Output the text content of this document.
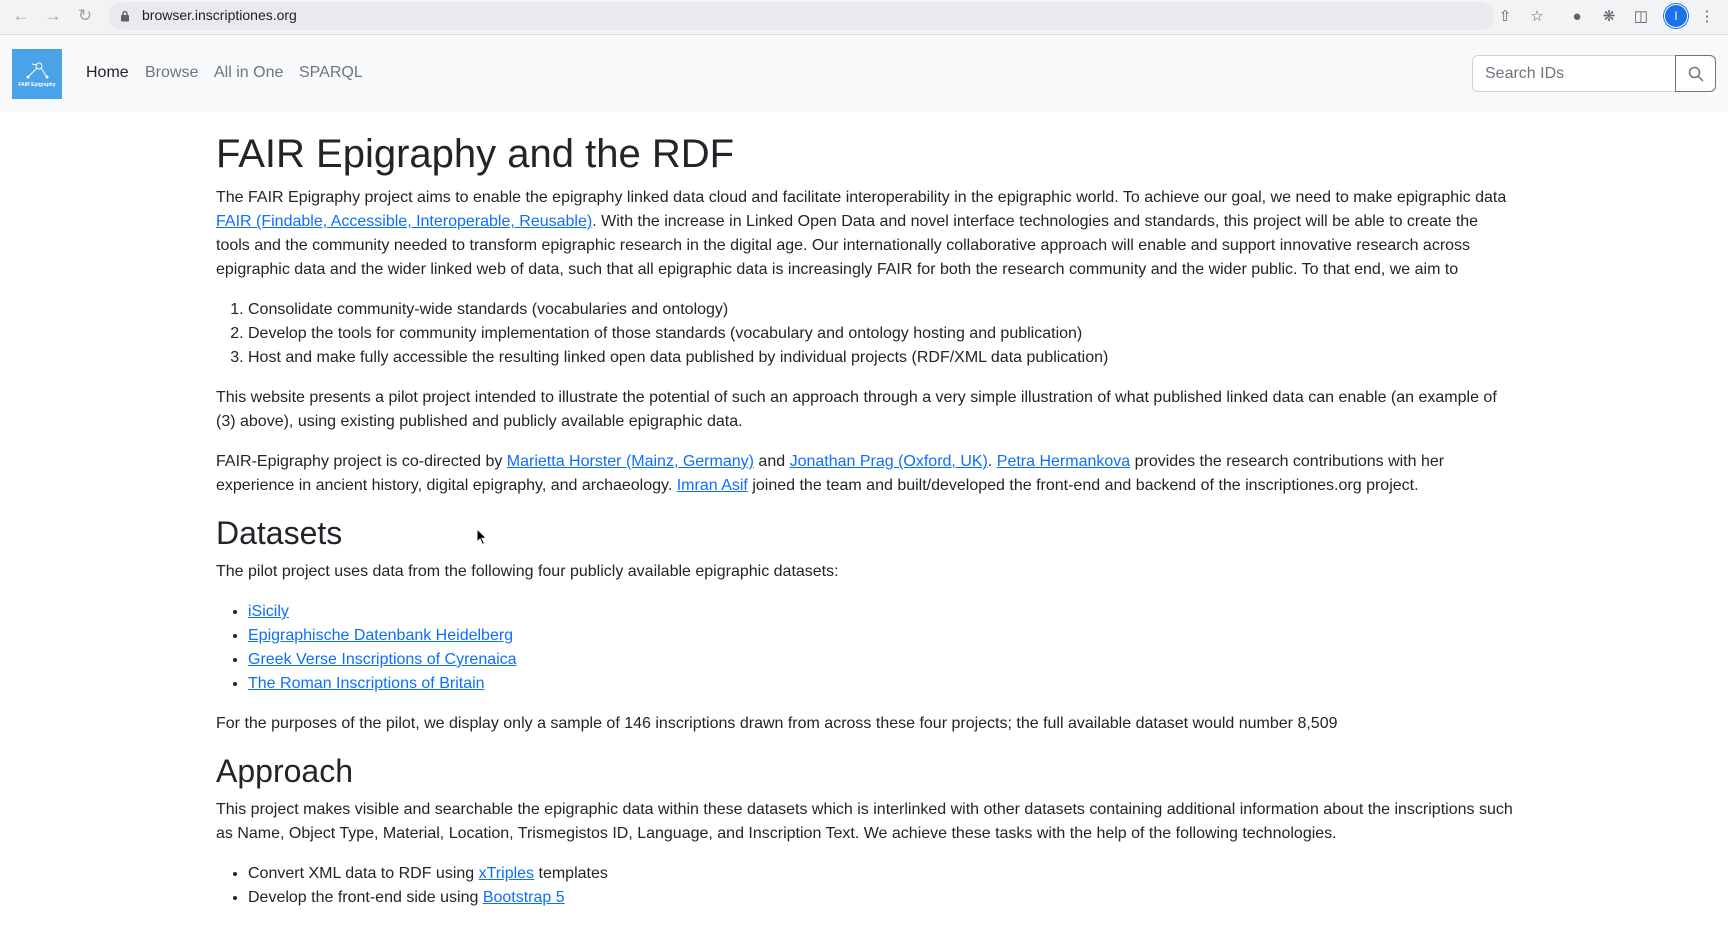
← → ↻	browser.inscriptiones.org	⇧	☆	●	❋	◫	I	⋮
FAIR Epigraphy
Home Browse All in One SPARQL
Search IDs
FAIR Epigraphy and the RDF

The FAIR Epigraphy project aims to enable the epigraphy linked data cloud and facilitate interoperability in the epigraphic world. To achieve our goal, we need to make epigraphic data FAIR (Findable, Accessible, Interoperable, Reusable). With the increase in Linked Open Data and novel interface technologies and standards, this project will be able to create the tools and the community needed to transform epigraphic research in the digital age. Our internationally collaborative approach will enable and support innovative research across epigraphic data and the wider linked web of data, such that all epigraphic data is increasingly FAIR for both the research community and the wider public. To that end, we aim to

1. Consolidate community-wide standards (vocabularies and ontology)
2. Develop the tools for community implementation of those standards (vocabulary and ontology hosting and publication)
3. Host and make fully accessible the resulting linked open data published by individual projects (RDF/XML data publication)

This website presents a pilot project intended to illustrate the potential of such an approach through a very simple illustration of what published linked data can enable (an example of (3) above), using existing published and publicly available epigraphic data.

FAIR-Epigraphy project is co-directed by Marietta Horster (Mainz, Germany) and Jonathan Prag (Oxford, UK). Petra Hermankova provides the research contributions with her experience in ancient history, digital epigraphy, and archaeology. Imran Asif joined the team and built/developed the front-end and backend of the inscriptiones.org project.

Datasets

The pilot project uses data from the following four publicly available epigraphic datasets:

• iSicily
• Epigraphische Datenbank Heidelberg
• Greek Verse Inscriptions of Cyrenaica
• The Roman Inscriptions of Britain

For the purposes of the pilot, we display only a sample of 146 inscriptions drawn from across these four projects; the full available dataset would number 8,509

Approach

This project makes visible and searchable the epigraphic data within these datasets which is interlinked with other datasets containing additional information about the inscriptions such as Name, Object Type, Material, Location, Trismegistos ID, Language, and Inscription Text. We achieve these tasks with the help of the following technologies.

• Convert XML data to RDF using xTriples templates
• Develop the front-end side using Bootstrap 5
